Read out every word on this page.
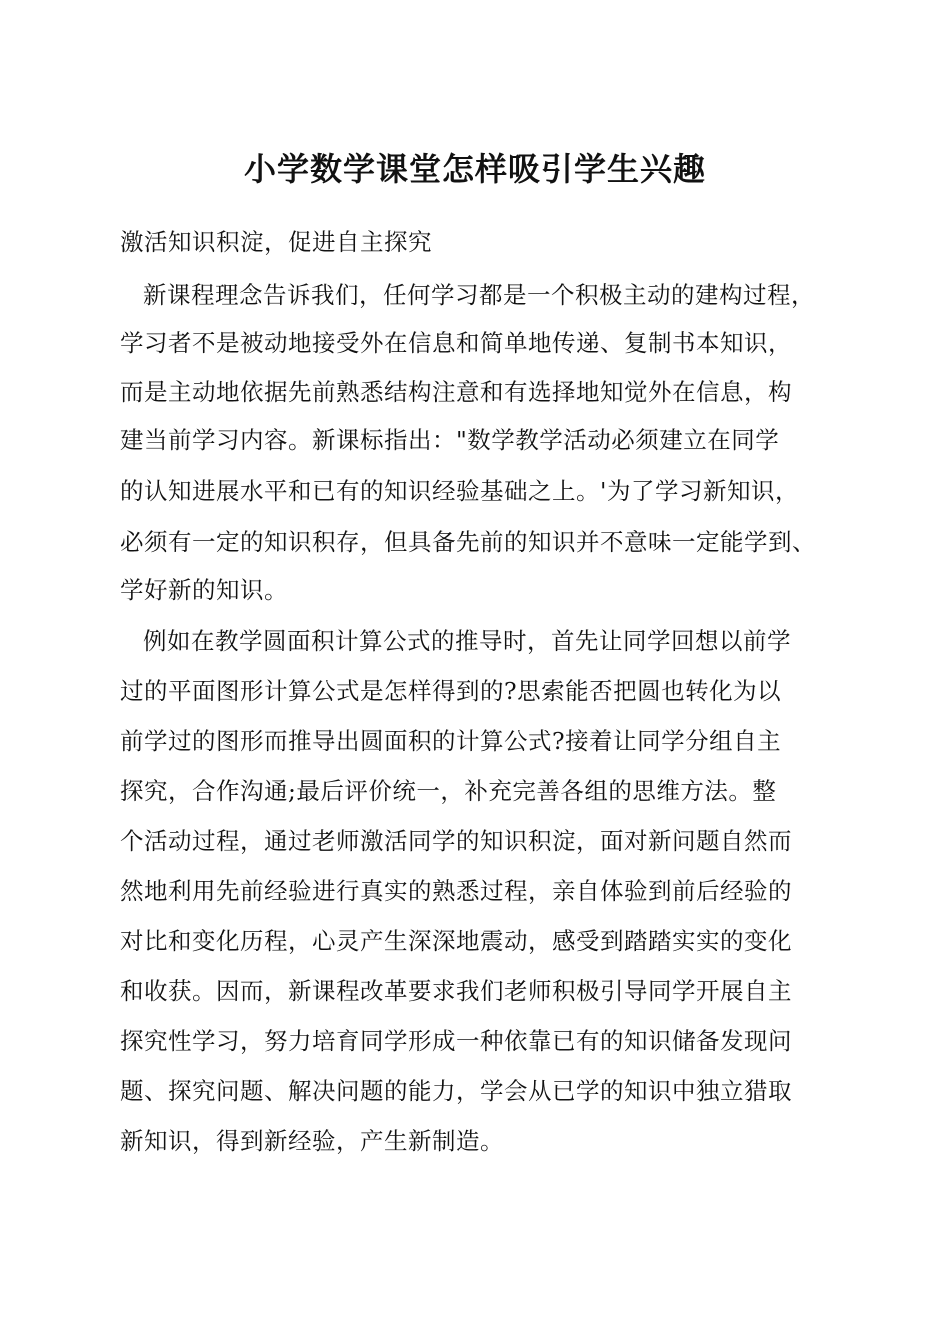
小学数学课堂怎样吸引学生兴趣
激活知识积淀，促进自主探究
新课程理念告诉我们，任何学习都是一个积极主动的建构过程，
学习者不是被动地接受外在信息和简单地传递、复制书本知识，
而是主动地依据先前熟悉结构注意和有选择地知觉外在信息，构
建当前学习内容。新课标指出："数学教学活动必须建立在同学
的认知进展水平和已有的知识经验基础之上。'为了学习新知识，
必须有一定的知识积存，但具备先前的知识并不意味一定能学到、
学好新的知识。
例如在教学圆面积计算公式的推导时，首先让同学回想以前学
过的平面图形计算公式是怎样得到的?思索能否把圆也转化为以
前学过的图形而推导出圆面积的计算公式?接着让同学分组自主
探究，合作沟通;最后评价统一，补充完善各组的思维方法。整
个活动过程，通过老师激活同学的知识积淀，面对新问题自然而
然地利用先前经验进行真实的熟悉过程，亲自体验到前后经验的
对比和变化历程，心灵产生深深地震动，感受到踏踏实实的变化
和收获。因而，新课程改革要求我们老师积极引导同学开展自主
探究性学习，努力培育同学形成一种依靠已有的知识储备发现问
题、探究问题、解决问题的能力，学会从已学的知识中独立猎取
新知识，得到新经验，产生新制造。
